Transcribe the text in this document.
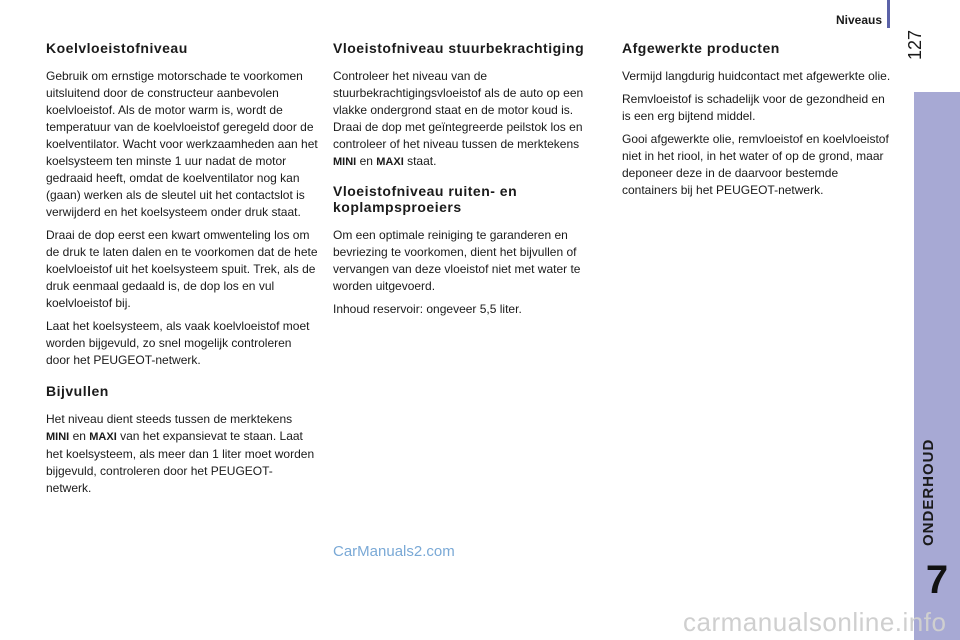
Niveaus
127
ONDERHOUD
7
Koelvloeistofniveau

Gebruik om ernstige motorschade te voorkomen uitsluitend door de constructeur aanbevolen koelvloeistof. Als de motor warm is, wordt de temperatuur van de koelvloeistof geregeld door de koelventilator. Wacht voor werkzaamheden aan het koelsysteem ten minste 1 uur nadat de motor gedraaid heeft, omdat de koelventilator nog kan (gaan) werken als de sleutel uit het contactslot is verwijderd en het koelsysteem onder druk staat.

Draai de dop eerst een kwart omwenteling los om de druk te laten dalen en te voorkomen dat de hete koelvloeistof uit het koelsysteem spuit. Trek, als de druk eenmaal gedaald is, de dop los en vul koelvloeistof bij.

Laat het koelsysteem, als vaak koelvloeistof moet worden bijgevuld, zo snel mogelijk controleren door het PEUGEOT-netwerk.

Bijvullen

Het niveau dient steeds tussen de merktekens MINI en MAXI van het expansievat te staan. Laat het koelsysteem, als meer dan 1 liter moet worden bijgevuld, controleren door het PEUGEOT-netwerk.

Vloeistofniveau stuurbekrachtiging

Controleer het niveau van de stuurbekrachtigingsvloeistof als de auto op een vlakke ondergrond staat en de motor koud is. Draai de dop met geïntegreerde peilstok los en controleer of het niveau tussen de merktekens MINI en MAXI staat.

Vloeistofniveau ruiten- en koplampsproeiers

Om een optimale reiniging te garanderen en bevriezing te voorkomen, dient het bijvullen of vervangen van deze vloeistof niet met water te worden uitgevoerd.

Inhoud reservoir: ongeveer 5,5 liter.

Afgewerkte producten

Vermijd langdurig huidcontact met afgewerkte olie.

Remvloeistof is schadelijk voor de gezondheid en is een erg bijtend middel.

Gooi afgewerkte olie, remvloeistof en koelvloeistof niet in het riool, in het water of op de grond, maar deponeer deze in de daarvoor bestemde containers bij het PEUGEOT-netwerk.

CarManuals2.com
carmanualsonline.info
